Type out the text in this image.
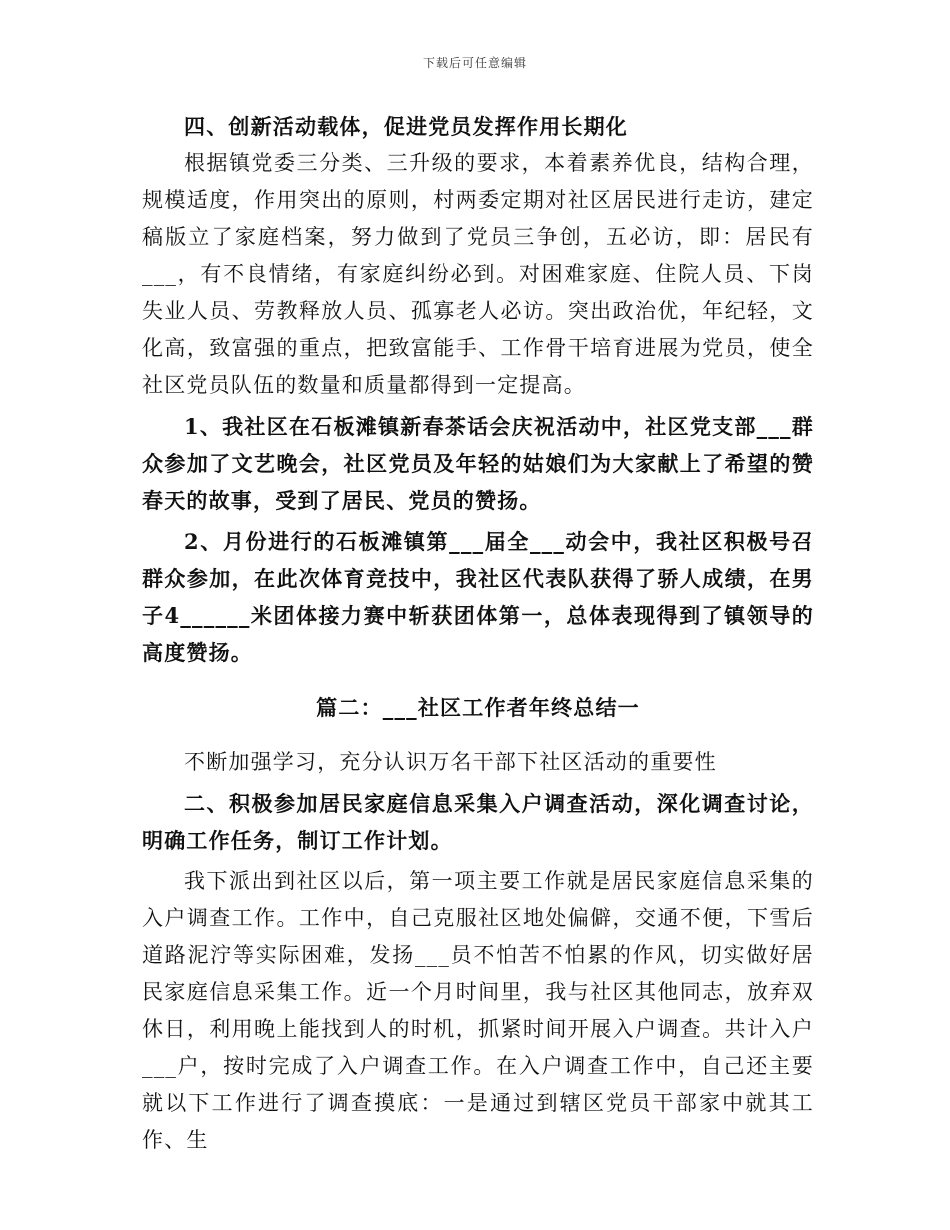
下载后可任意编辑

四、创新活动载体，促进党员发挥作用长期化

根据镇党委三分类、三升级的要求，本着素养优良，结构合理，规模适度，作用突出的原则，村两委定期对社区居民进行走访，建定稿版立了家庭档案，努力做到了党员三争创，五必访，即：居民有___，有不良情绪，有家庭纠纷必到。对困难家庭、住院人员、下岗失业人员、劳教释放人员、孤寡老人必访。突出政治优，年纪轻，文化高，致富强的重点，把致富能手、工作骨干培育进展为党员，使全社区党员队伍的数量和质量都得到一定提高。

1、我社区在石板滩镇新春茶话会庆祝活动中，社区党支部___群众参加了文艺晚会，社区党员及年轻的姑娘们为大家献上了希望的赞春天的故事，受到了居民、党员的赞扬。

2、月份进行的石板滩镇第___届全___动会中，我社区积极号召群众参加，在此次体育竞技中，我社区代表队获得了骄人成绩，在男子4______米团体接力赛中斩获团体第一，总体表现得到了镇领导的高度赞扬。

篇二：___社区工作者年终总结一

不断加强学习，充分认识万名干部下社区活动的重要性

二、积极参加居民家庭信息采集入户调查活动，深化调查讨论，明确工作任务，制订工作计划。

我下派出到社区以后，第一项主要工作就是居民家庭信息采集的入户调查工作。工作中，自己克服社区地处偏僻，交通不便，下雪后道路泥泞等实际困难，发扬___员不怕苦不怕累的作风，切实做好居民家庭信息采集工作。近一个月时间里，我与社区其他同志，放弃双休日，利用晚上能找到人的时机，抓紧时间开展入户调查。共计入户___户，按时完成了入户调查工作。在入户调查工作中，自己还主要就以下工作进行了调查摸底：一是通过到辖区党员干部家中就其工作、生
